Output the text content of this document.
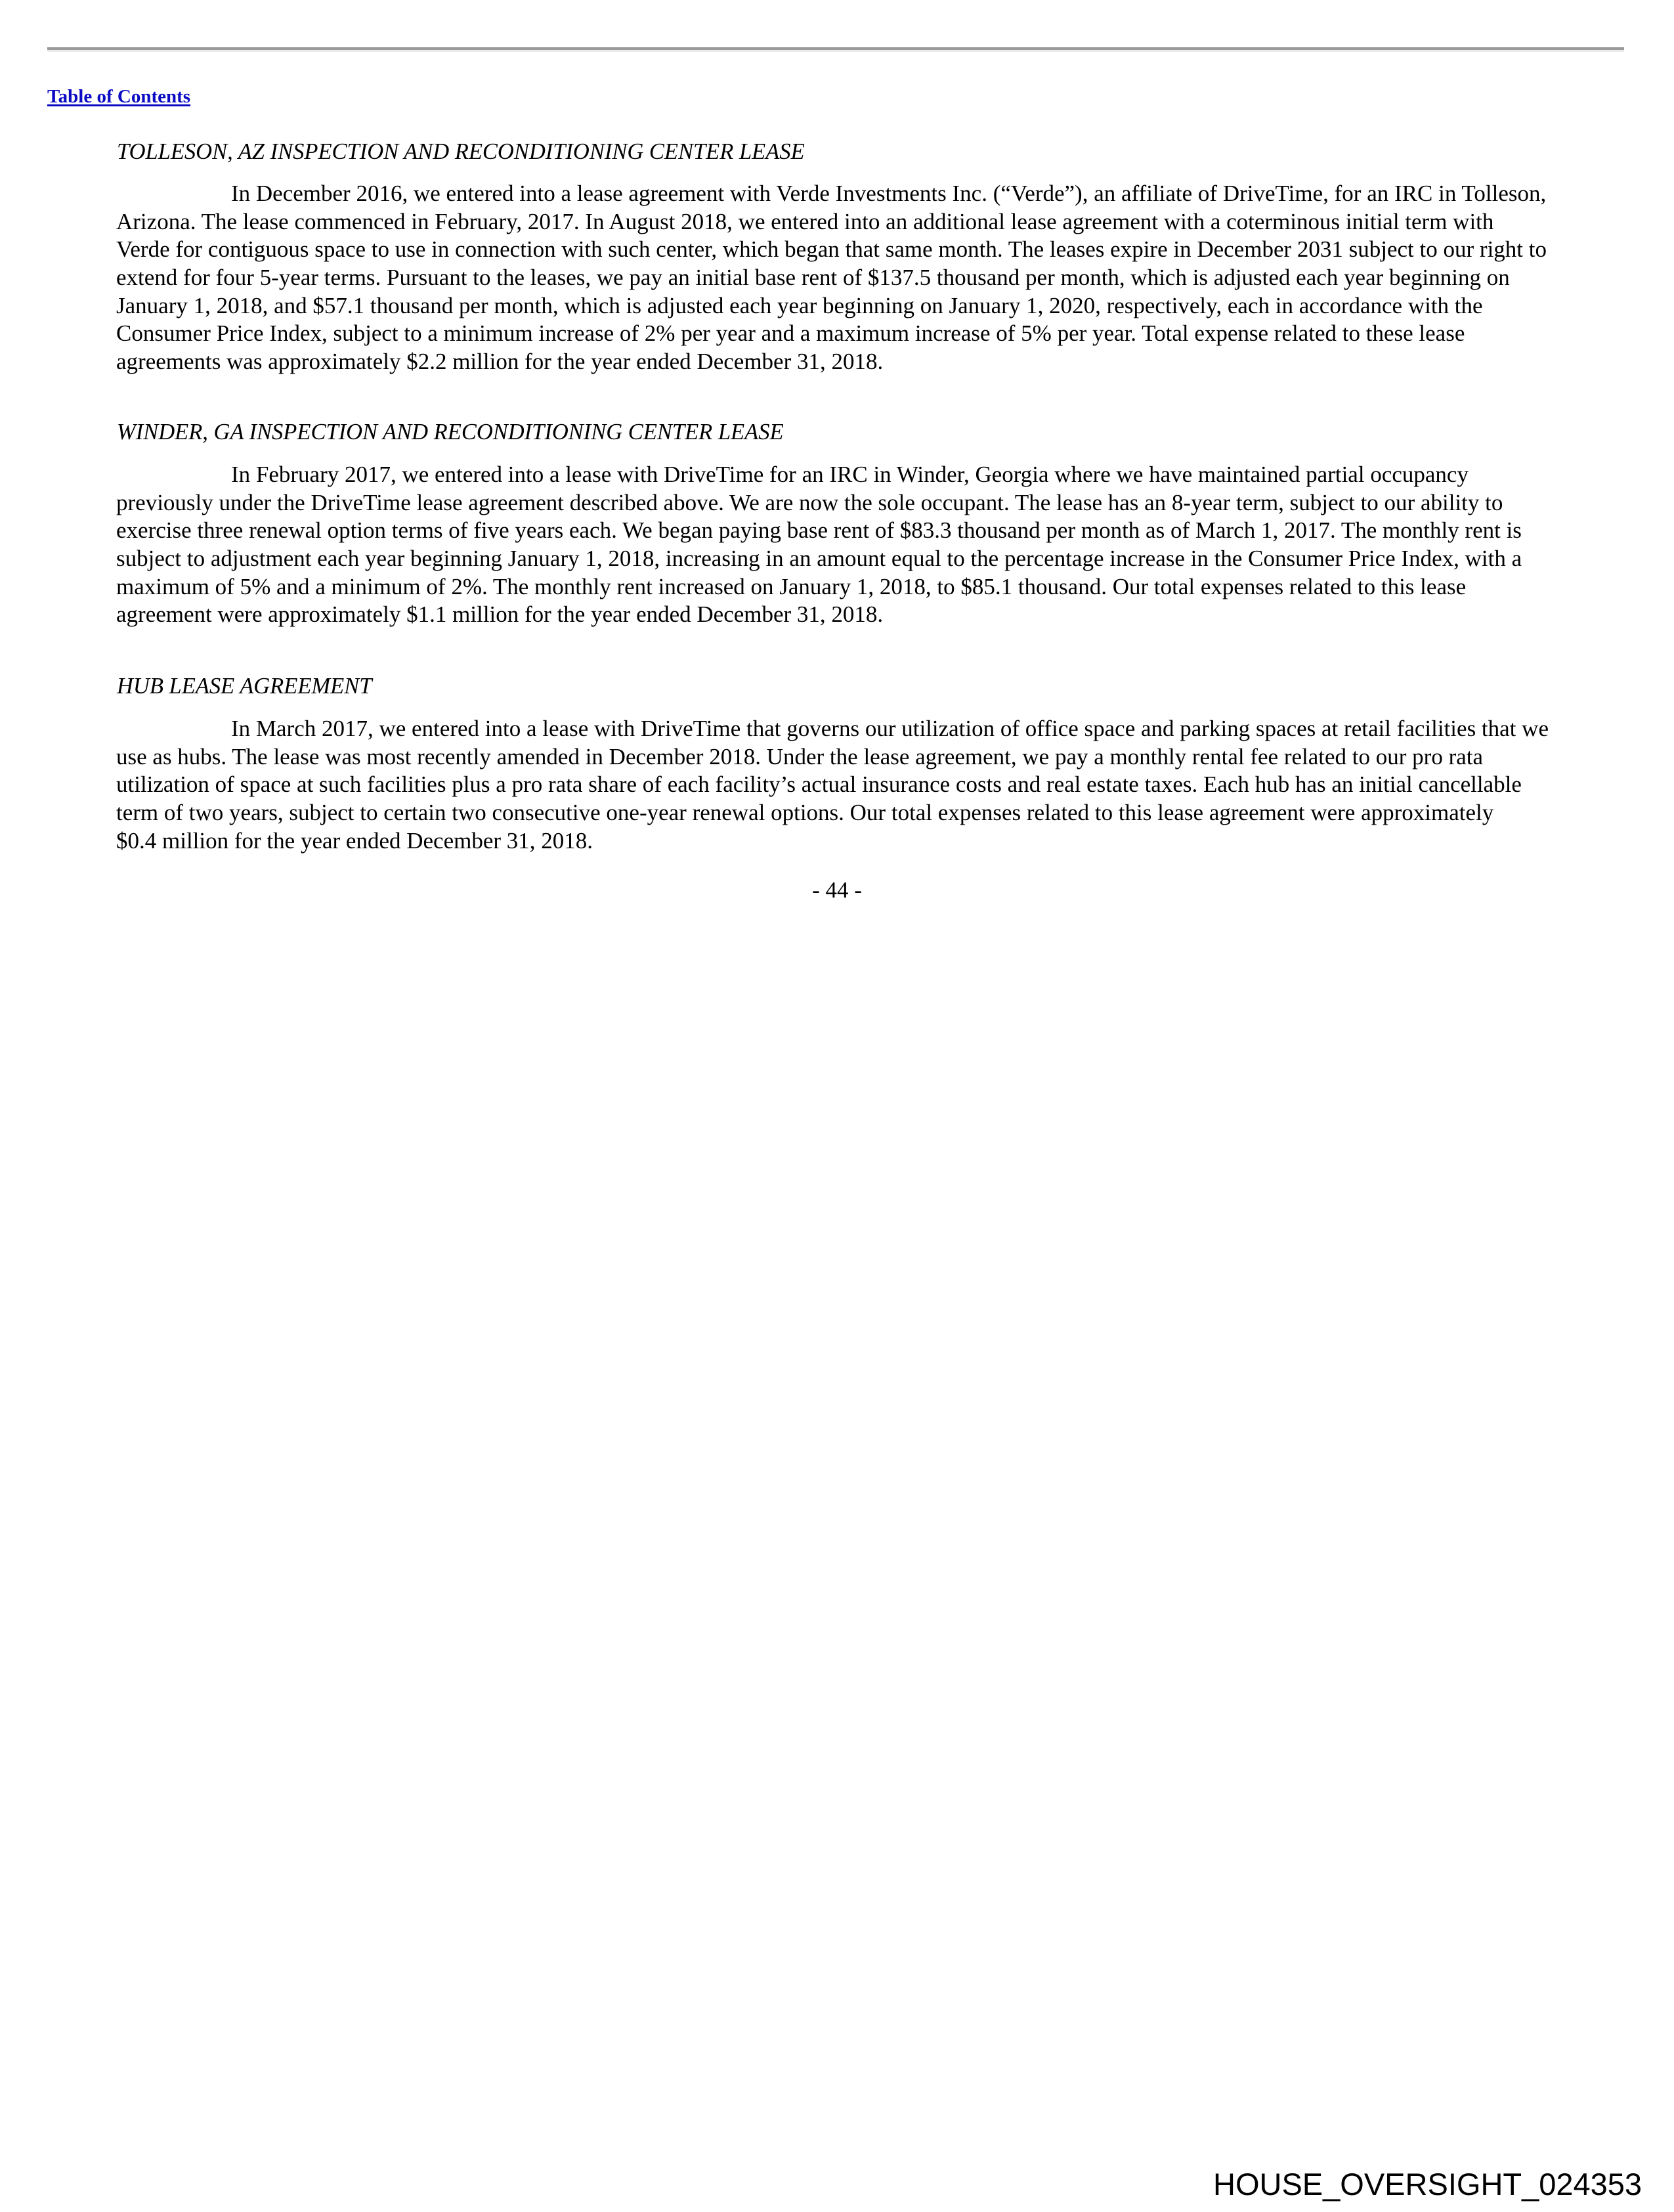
Table of Contents
TOLLESON, AZ INSPECTION AND RECONDITIONING CENTER LEASE
In December 2016, we entered into a lease agreement with Verde Investments Inc. (“Verde”), an affiliate of DriveTime, for an IRC in Tolleson,
Arizona. The lease commenced in February, 2017. In August 2018, we entered into an additional lease agreement with a coterminous initial term with
Verde for contiguous space to use in connection with such center, which began that same month. The leases expire in December 2031 subject to our right to
extend for four 5-year terms. Pursuant to the leases, we pay an initial base rent of $137.5 thousand per month, which is adjusted each year beginning on
January 1, 2018, and $57.1 thousand per month, which is adjusted each year beginning on January 1, 2020, respectively, each in accordance with the
Consumer Price Index, subject to a minimum increase of 2% per year and a maximum increase of 5% per year. Total expense related to these lease
agreements was approximately $2.2 million for the year ended December 31, 2018.
WINDER, GA INSPECTION AND RECONDITIONING CENTER LEASE
In February 2017, we entered into a lease with DriveTime for an IRC in Winder, Georgia where we have maintained partial occupancy
previously under the DriveTime lease agreement described above. We are now the sole occupant. The lease has an 8-year term, subject to our ability to
exercise three renewal option terms of five years each. We began paying base rent of $83.3 thousand per month as of March 1, 2017. The monthly rent is
subject to adjustment each year beginning January 1, 2018, increasing in an amount equal to the percentage increase in the Consumer Price Index, with a
maximum of 5% and a minimum of 2%. The monthly rent increased on January 1, 2018, to $85.1 thousand. Our total expenses related to this lease
agreement were approximately $1.1 million for the year ended December 31, 2018.
HUB LEASE AGREEMENT
In March 2017, we entered into a lease with DriveTime that governs our utilization of office space and parking spaces at retail facilities that we
use as hubs. The lease was most recently amended in December 2018. Under the lease agreement, we pay a monthly rental fee related to our pro rata
utilization of space at such facilities plus a pro rata share of each facility’s actual insurance costs and real estate taxes. Each hub has an initial cancellable
term of two years, subject to certain two consecutive one-year renewal options. Our total expenses related to this lease agreement were approximately
$0.4 million for the year ended December 31, 2018.
- 44 -
HOUSE_OVERSIGHT_024353
